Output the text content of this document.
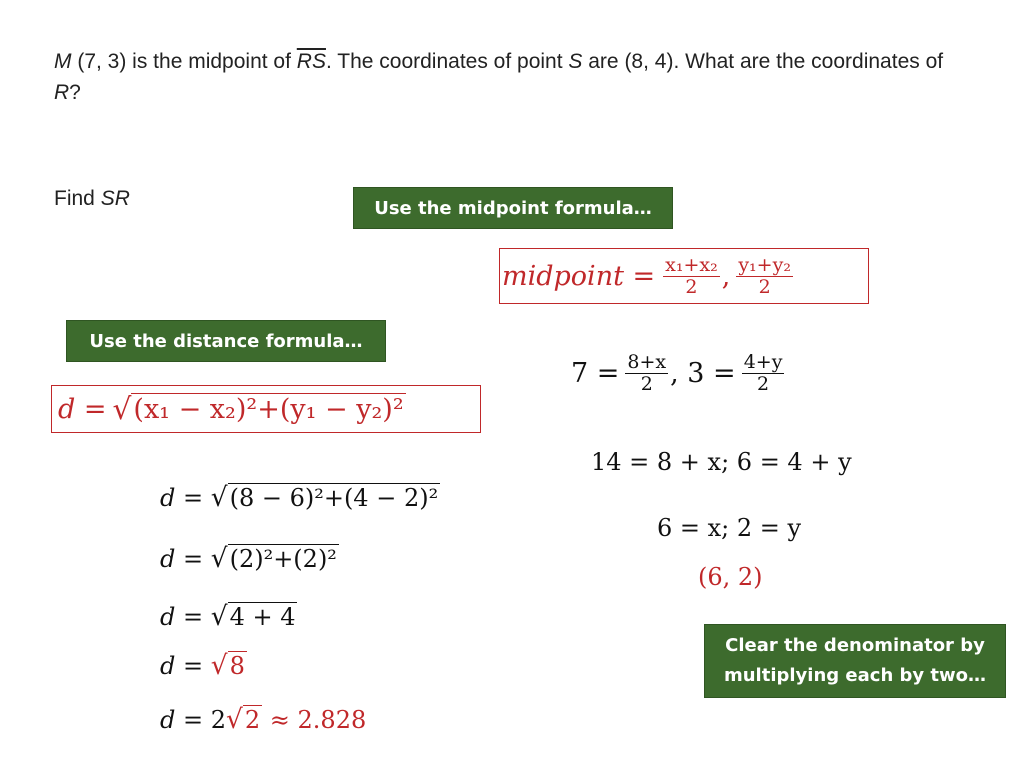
M (7, 3) is the midpoint of $\overline{RS}$. The coordinates of point S are (8, 4). What are the coordinates of R?
Find SR	Use the midpoint formula…
Use the distance formula…
Clear the denominator by multiplying each by two…
midpoint = $\frac{\text{x₁+x₂}}{2}$ , $\frac{\text{y₁+y₂}}{2}$
$7 = \frac{8+x}{2}$ , $3 = \frac{4+y}{2}$
14 = 8 + x; 6 = 4 + y
6 = x; 2 = y
(6, 2)
d = √ (x₁ − x₂)²+(y₁ − y₂)²
d = √(8 − 6)²+(4 − 2)²
d = √(2)²+(2)²
d = √4 + 4
d = √8
d = 2√2 ≈ 2.828
